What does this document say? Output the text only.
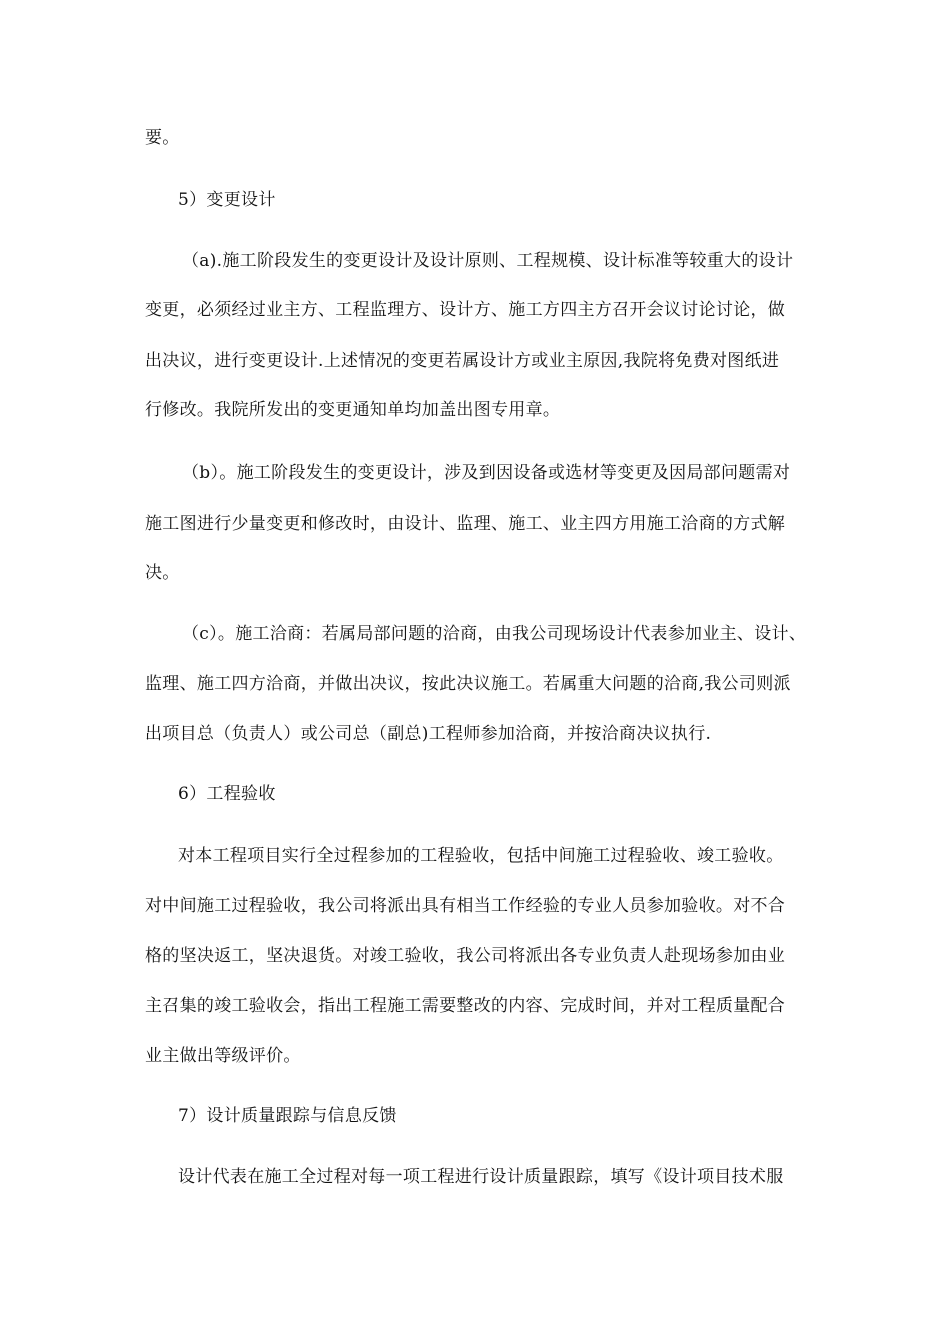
要。
5）变更设计
（a).施工阶段发生的变更设计及设计原则、工程规模、设计标准等较重大的设计
变更，必须经过业主方、工程监理方、设计方、施工方四主方召开会议讨论讨论，做
出决议，进行变更设计.上述情况的变更若属设计方或业主原因,我院将免费对图纸进
行修改。我院所发出的变更通知单均加盖出图专用章。
（b）。施工阶段发生的变更设计，涉及到因设备或选材等变更及因局部问题需对
施工图进行少量变更和修改时，由设计、监理、施工、业主四方用施工洽商的方式解
决。
（c）。施工洽商：若属局部问题的洽商，由我公司现场设计代表参加业主、设计、
监理、施工四方洽商，并做出决议，按此决议施工。若属重大问题的洽商,我公司则派
出项目总（负责人）或公司总（副总)工程师参加洽商，并按洽商决议执行.
6）工程验收
对本工程项目实行全过程参加的工程验收，包括中间施工过程验收、竣工验收。
对中间施工过程验收，我公司将派出具有相当工作经验的专业人员参加验收。对不合
格的坚决返工，坚决退货。对竣工验收，我公司将派出各专业负责人赴现场参加由业
主召集的竣工验收会，指出工程施工需要整改的内容、完成时间，并对工程质量配合
业主做出等级评价。
7）设计质量跟踪与信息反馈
设计代表在施工全过程对每一项工程进行设计质量跟踪，填写《设计项目技术服
